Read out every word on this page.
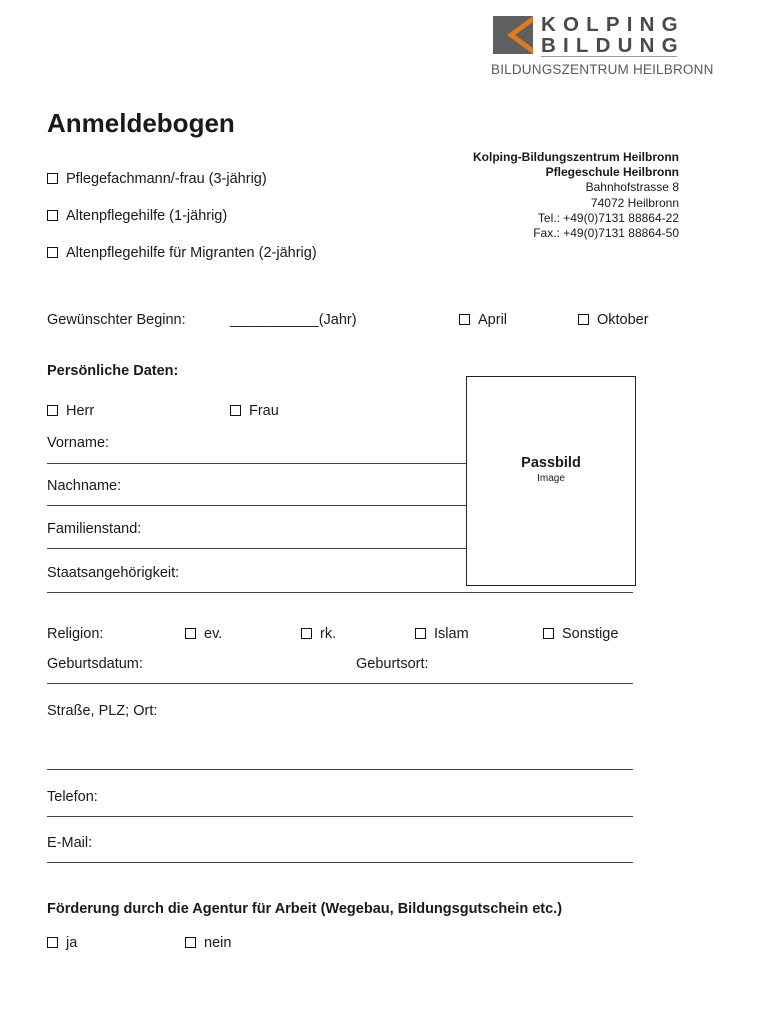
KOLPING
BILDUNG
BILDUNGSZENTRUM HEILBRONN
Anmeldebogen
Kolping-Bildungszentrum Heilbronn
Pflegeschule Heilbronn
Bahnhofstrasse 8
74072 Heilbronn
Tel.: +49(0)7131 88864-22
Fax.: +49(0)7131 88864-50
Pflegefachmann/-frau (3-jährig)
Altenpflegehilfe (1-jährig)
Altenpflegehilfe für Migranten (2-jährig)
Gewünschter Beginn:	___________(Jahr)	April	Oktober
Persönliche Daten:
Herr	Frau
Vorname:
Nachname:
Familienstand:
Staatsangehörigkeit:
Passbild
Image
Religion:	ev.	rk.	Islam	Sonstige
Geburtsdatum:	Geburtsort:
Straße, PLZ; Ort:
Telefon:
E-Mail:
Förderung durch die Agentur für Arbeit (Wegebau, Bildungsgutschein etc.)
ja	nein
